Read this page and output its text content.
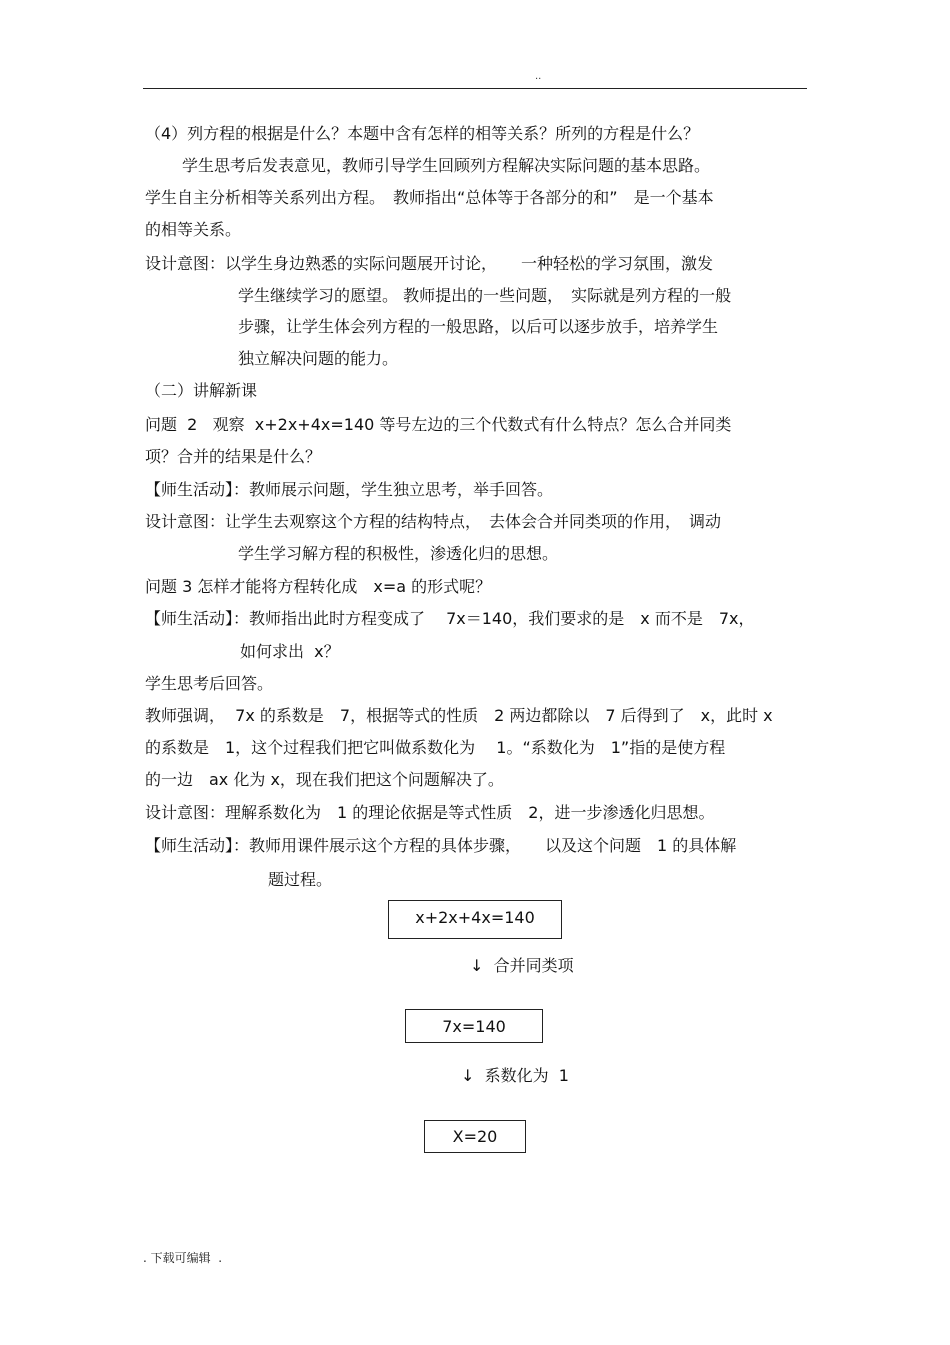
..
（4）列方程的根据是什么？本题中含有怎样的相等关系？所列的方程是什么？
学生思考后发表意见，教师引导学生回顾列方程解决实际问题的基本思路。
学生自主分析相等关系列出方程。　教师指出“总体等于各部分的和”　是一个基本
的相等关系。
设计意图：以学生身边熟悉的实际问题展开讨论，　　一种轻松的学习氛围，激发
学生继续学习的愿望。 教师提出的一些问题，　实际就是列方程的一般
步骤，让学生体会列方程的一般思路，以后可以逐步放手，培养学生
独立解决问题的能力。
（二）讲解新课
问题  2   观察  x+2x+4x=140 等号左边的三个代数式有什么特点？怎么合并同类
项？合并的结果是什么？
【师生活动】：教师展示问题，学生独立思考，举手回答。
设计意图：让学生去观察这个方程的结构特点，　去体会合并同类项的作用，　调动
学生学习解方程的积极性，渗透化归的思想。
问题 3 怎样才能将方程转化成　x=a 的形式呢？
【师生活动】：教师指出此时方程变成了　 7x＝140，我们要求的是　x 而不是　7x，
如何求出  x？
学生思考后回答。
教师强调，  7x 的系数是　7，根据等式的性质　2 两边都除以　7 后得到了　x，此时 x
的系数是　1，这个过程我们把它叫做系数化为　 1。“系数化为　1”指的是使方程
的一边　ax 化为 x，现在我们把这个问题解决了。
设计意图：理解系数化为　1 的理论依据是等式性质　2，进一步渗透化归思想。
【师生活动】：教师用课件展示这个方程的具体步骤，　　以及这个问题　1 的具体解
题过程。
x+2x+4x=140
↓  合并同类项
7x=140
↓  系数化为  1
X=20
. 下载可编辑  .
